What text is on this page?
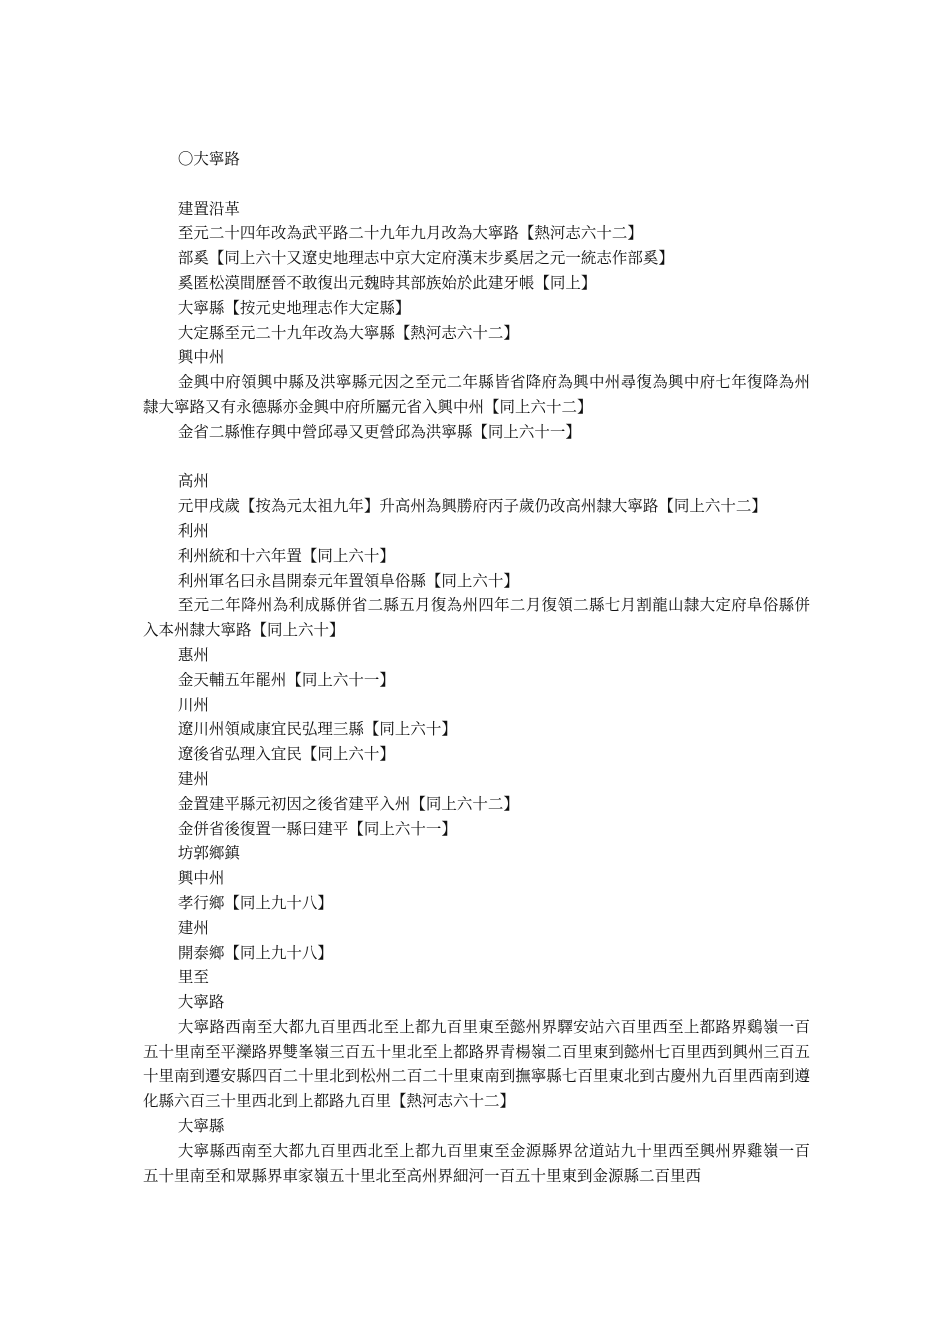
〇大寧路

建置沿革

至元二十四年改為武平路二十九年九月改為大寧路【熱河志六十二】

部奚【同上六十又遼史地理志中京大定府漢末步奚居之元一統志作部奚】

奚匿松漠間歷晉不敢復出元魏時其部族始於此建牙帳【同上】

大寧縣【按元史地理志作大定縣】

大定縣至元二十九年改為大寧縣【熱河志六十二】

興中州

金興中府領興中縣及洪寧縣元因之至元二年縣皆省降府為興中州尋復為興中府七年復降為州隸大寧路又有永德縣亦金興中府所屬元省入興中州【同上六十二】

金省二縣惟存興中營邱尋又更營邱為洪寧縣【同上六十一】

高州

元甲戌歲【按為元太祖九年】升高州為興勝府丙子歲仍改高州隸大寧路【同上六十二】

利州

利州統和十六年置【同上六十】

利州軍名曰永昌開泰元年置領阜俗縣【同上六十】

至元二年降州為利成縣併省二縣五月復為州四年二月復領二縣七月割龍山隸大定府阜俗縣併入本州隸大寧路【同上六十】

惠州

金天輔五年罷州【同上六十一】

川州

遼川州領咸康宜民弘理三縣【同上六十】

遼後省弘理入宜民【同上六十】

建州

金置建平縣元初因之後省建平入州【同上六十二】

金併省後復置一縣曰建平【同上六十一】

坊郭鄉鎮

興中州

孝行鄉【同上九十八】

建州

開泰鄉【同上九十八】

里至

大寧路

大寧路西南至大都九百里西北至上都九百里東至懿州界驛安站六百里西至上都路界鷄嶺一百五十里南至平灤路界雙峯嶺三百五十里北至上都路界青楊嶺二百里東到懿州七百里西到興州三百五十里南到遷安縣四百二十里北到松州二百二十里東南到撫寧縣七百里東北到古慶州九百里西南到遵化縣六百三十里西北到上都路九百里【熱河志六十二】

大寧縣

大寧縣西南至大都九百里西北至上都九百里東至金源縣界岔道站九十里西至興州界雞嶺一百五十里南至和眾縣界車家嶺五十里北至高州界細河一百五十里東到金源縣二百里西
